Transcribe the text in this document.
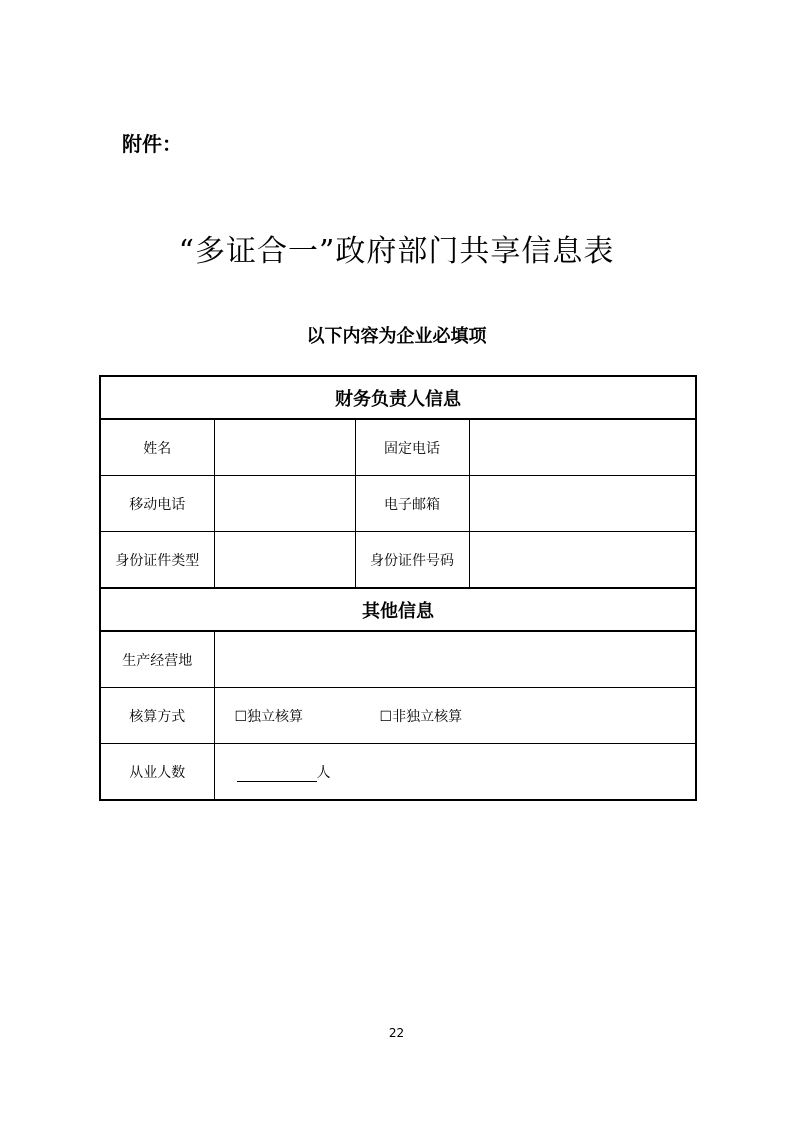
附件：
“多证合一”政府部门共享信息表
以下内容为企业必填项
财务负责人信息			
姓名		固定电话	
移动电话		电子邮箱	
身份证件类型		身份证件号码	
其他信息			
生产经营地			
核算方式	☐独立核算 ☐非独立核算		
从业人数	人		
22
